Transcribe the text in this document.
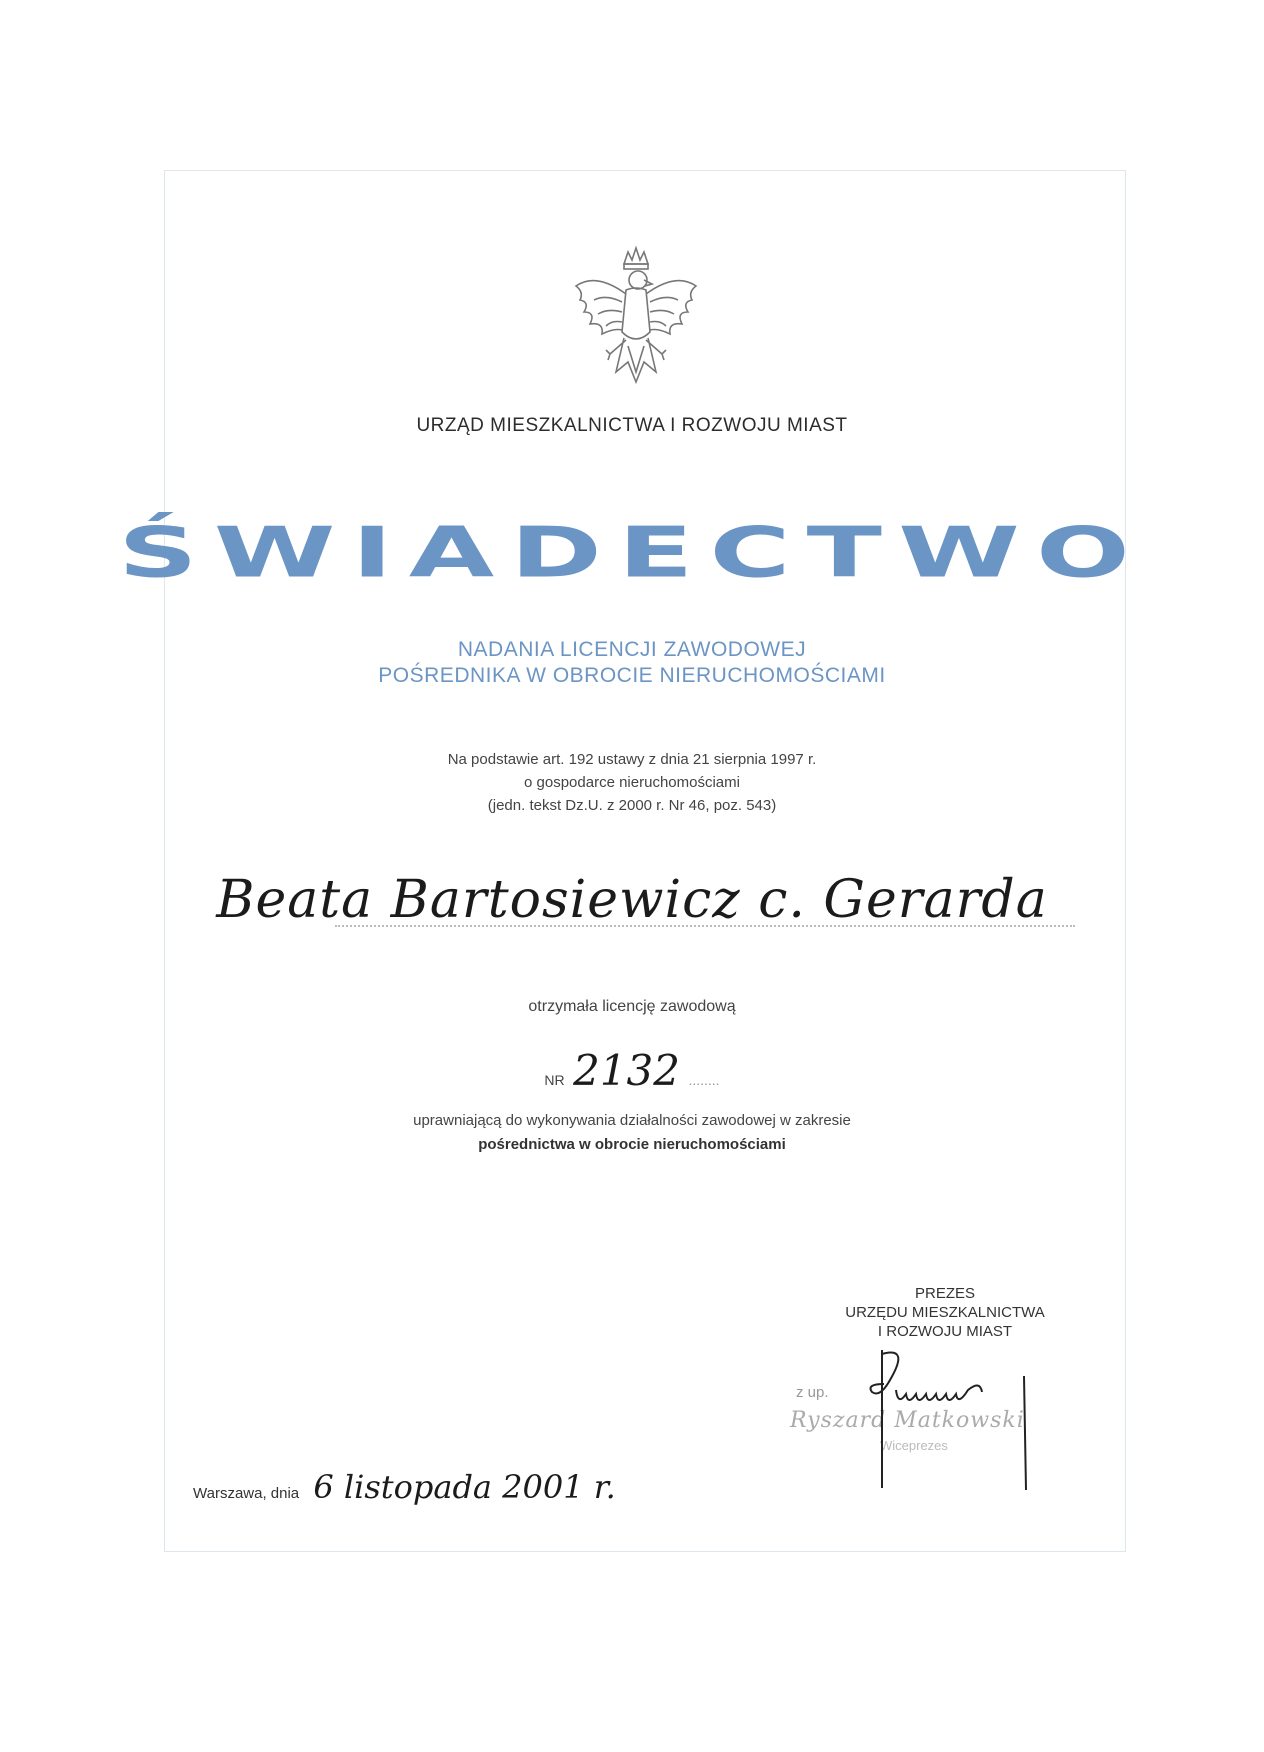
URZĄD MIESZKALNICTWA I ROZWOJU MIAST
ŚWIADECTWO
NADANIA LICENCJI ZAWODOWEJ
POŚREDNIKA W OBROCIE NIERUCHOMOŚCIAMI
Na podstawie art. 192 ustawy z dnia 21 sierpnia 1997 r.
o gospodarce nieruchomościami
(jedn. tekst Dz.U. z 2000 r. Nr 46, poz. 543)
Beata Bartosiewicz c. Gerarda
otrzymała licencję zawodową
NR 2132 ........
uprawniającą do wykonywania działalności zawodowej w zakresie
pośrednictwa w obrocie nieruchomościami
PREZES
URZĘDU MIESZKALNICTWA
I ROZWOJU MIAST
z up.
Ryszard Matkowski
Wiceprezes
Warszawa, dnia 6 listopada 2001 r.
